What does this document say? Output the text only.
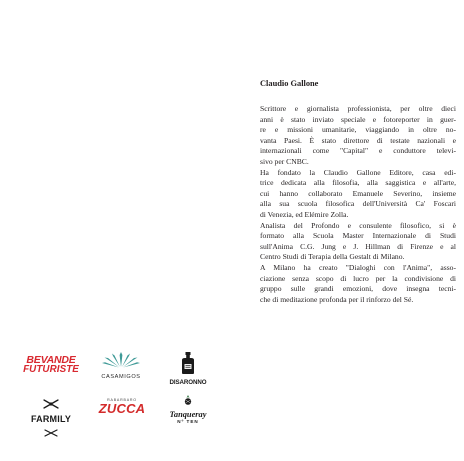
Claudio Gallone

Scrittore e giornalista professionista, per oltre dieci
anni è stato inviato speciale e fotoreporter in guer-
re e missioni umanitarie, viaggiando in oltre no-
vanta Paesi. È stato direttore di testate nazionali e
internazionali come "Capital" e conduttore televi-
sivo per CNBC.
Ha fondato la Claudio Gallone Editore, casa edi-
trice dedicata alla filosofia, alla saggistica e all'arte,
cui hanno collaborato Emanuele Severino, insieme
alla sua scuola filosofica dell'Università Ca' Foscari
di Venezia, ed Elémire Zolla.
Analista del Profondo e consulente filosofico, si è
formato alla Scuola Master Internazionale di Studi
sull'Anima C.G. Jung e J. Hillman di Firenze e al
Centro Studi di Terapia della Gestalt di Milano.
A Milano ha creato "Dialoghi con l'Anima", asso-
ciazione senza scopo di lucro per la condivisione di
gruppo sulle grandi emozioni, dove insegna tecni-
che di meditazione profonda per il rinforzo del Sé.

BEVANDE
FUTURISTE
CASAMIGOS
DISARONNO
FARMILY
RABARBARO
ZUCCA	Tanqueray
Nº TEN
